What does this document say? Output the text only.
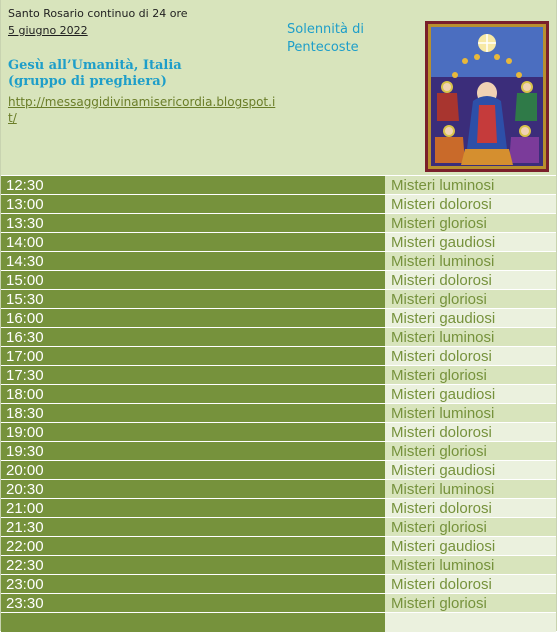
Santo Rosario continuo di 24 ore
5 giugno 2022
Gesù all’Umanità, Italia
(gruppo di preghiera)
http://messaggidivinamisericordia.blogspot.it/
Solennità di Pentecoste
12:30	Misteri luminosi
13:00	Misteri dolorosi
13:30	Misteri gloriosi
14:00	Misteri gaudiosi
14:30	Misteri luminosi
15:00	Misteri dolorosi
15:30	Misteri gloriosi
16:00	Misteri gaudiosi
16:30	Misteri luminosi
17:00	Misteri dolorosi
17:30	Misteri gloriosi
18:00	Misteri gaudiosi
18:30	Misteri luminosi
19:00	Misteri dolorosi
19:30	Misteri gloriosi
20:00	Misteri gaudiosi
20:30	Misteri luminosi
21:00	Misteri dolorosi
21:30	Misteri gloriosi
22:00	Misteri gaudiosi
22:30	Misteri luminosi
23:00	Misteri dolorosi
23:30	Misteri gloriosi
